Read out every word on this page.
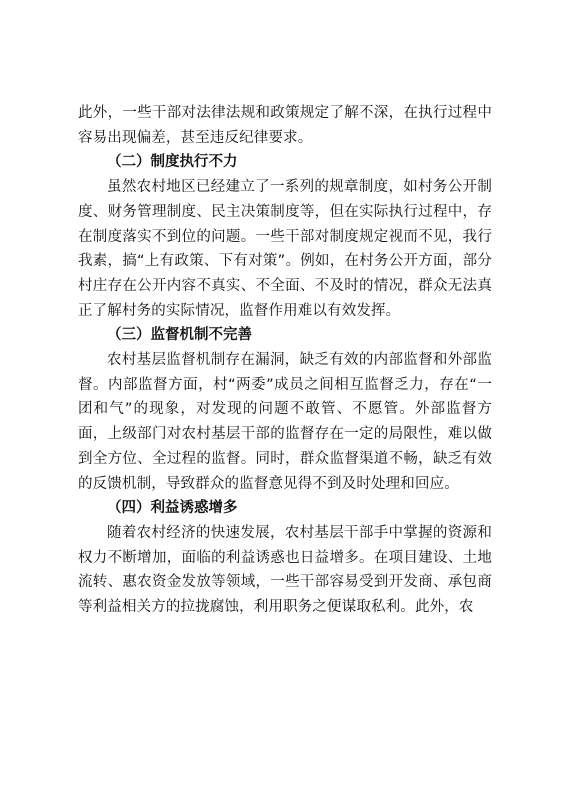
此外，一些干部对法律法规和政策规定了解不深，在执行过程中容易出现偏差，甚至违反纪律要求。

（二）制度执行不力

虽然农村地区已经建立了一系列的规章制度，如村务公开制度、财务管理制度、民主决策制度等，但在实际执行过程中，存在制度落实不到位的问题。一些干部对制度规定视而不见，我行我素，搞“上有政策、下有对策”。例如，在村务公开方面，部分村庄存在公开内容不真实、不全面、不及时的情况，群众无法真正了解村务的实际情况，监督作用难以有效发挥。

（三）监督机制不完善

农村基层监督机制存在漏洞，缺乏有效的内部监督和外部监督。内部监督方面，村“两委”成员之间相互监督乏力，存在“一团和气”的现象，对发现的问题不敢管、不愿管。外部监督方面，上级部门对农村基层干部的监督存在一定的局限性，难以做到全方位、全过程的监督。同时，群众监督渠道不畅，缺乏有效的反馈机制，导致群众的监督意见得不到及时处理和回应。

（四）利益诱惑增多

随着农村经济的快速发展，农村基层干部手中掌握的资源和权力不断增加，面临的利益诱惑也日益增多。在项目建设、土地流转、惠农资金发放等领域，一些干部容易受到开发商、承包商等利益相关方的拉拢腐蚀，利用职务之便谋取私利。此外，农
